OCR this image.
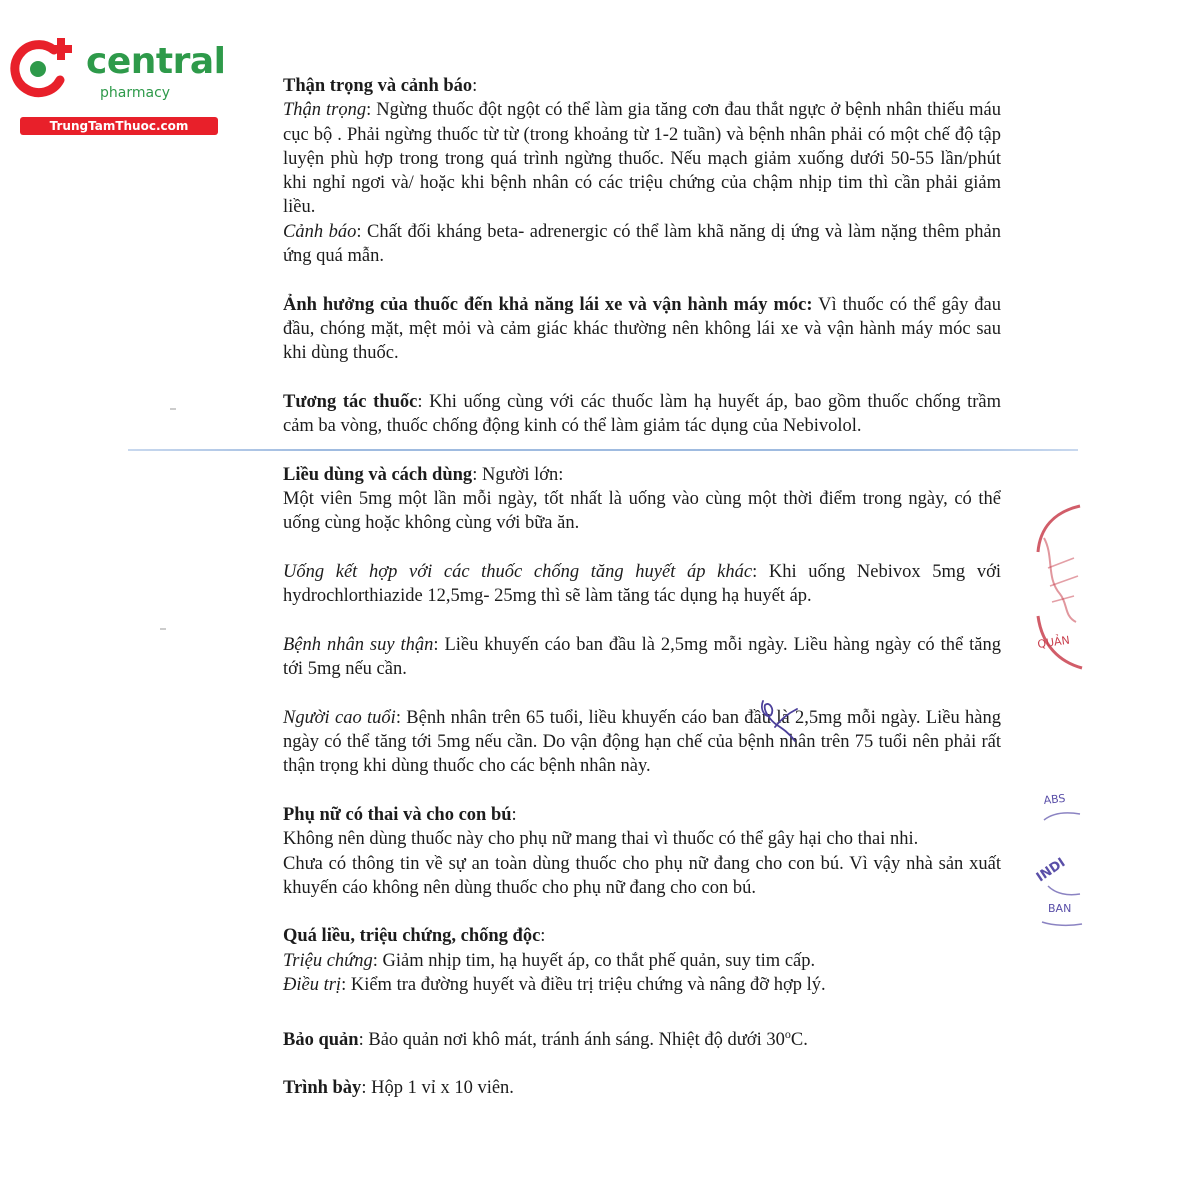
central
pharmacy
TrungTamThuoc.com

Thận trọng và cảnh báo:

Thận trọng: Ngừng thuốc đột ngột có thể làm gia tăng cơn đau thắt ngực ở bệnh nhân thiếu máu cục bộ . Phải ngừng thuốc từ từ (trong khoảng từ 1-2 tuần) và bệnh nhân phải có một chế độ tập luyện phù hợp trong trong quá trình ngừng thuốc. Nếu mạch giảm xuống dưới 50-55 lần/phút khi nghỉ ngơi và/ hoặc khi bệnh nhân có các triệu chứng của chậm nhịp tim thì cần phải giảm liều.

Cảnh báo: Chất đối kháng beta- adrenergic có thể làm khã năng dị ứng và làm nặng thêm phản ứng quá mẫn.

Ảnh hưởng của thuốc đến khả năng lái xe và vận hành máy móc: Vì thuốc có thể gây đau đầu, chóng mặt, mệt mỏi và cảm giác khác thường nên không lái xe và vận hành máy móc sau khi dùng thuốc.

Tương tác thuốc: Khi uống cùng với các thuốc làm hạ huyết áp, bao gồm thuốc chống trầm cảm ba vòng, thuốc chống động kinh có thể làm giảm tác dụng của Nebivolol.

Liều dùng và cách dùng: Người lớn:

Một viên 5mg một lần mỗi ngày, tốt nhất là uống vào cùng một thời điểm trong ngày, có thể uống cùng hoặc không cùng với bữa ăn.

Uống kết hợp với các thuốc chống tăng huyết áp khác: Khi uống Nebivox 5mg với hydrochlorthiazide 12,5mg- 25mg thì sẽ làm tăng tác dụng hạ huyết áp.

Bệnh nhân suy thận: Liều khuyến cáo ban đầu là 2,5mg mỗi ngày. Liều hàng ngày có thể tăng tới 5mg nếu cần.

Người cao tuổi: Bệnh nhân trên 65 tuổi, liều khuyến cáo ban đầu là 2,5mg mỗi ngày. Liều hàng ngày có thể tăng tới 5mg nếu cần. Do vận động hạn chế của bệnh nhân trên 75 tuổi nên phải rất thận trọng khi dùng thuốc cho các bệnh nhân này.

Phụ nữ có thai và cho con bú:

Không nên dùng thuốc này cho phụ nữ mang thai vì thuốc có thể gây hại cho thai nhi.

Chưa có thông tin về sự an toàn dùng thuốc cho phụ nữ đang cho con bú. Vì vậy nhà sản xuất khuyến cáo không nên dùng thuốc cho phụ nữ đang cho con bú.

Quá liều, triệu chứng, chống độc:

Triệu chứng: Giảm nhịp tim, hạ huyết áp, co thắt phế quản, suy tim cấp.

Điều trị: Kiểm tra đường huyết và điều trị triệu chứng và nâng đỡ hợp lý.

Bảo quản: Bảo quản nơi khô mát, tránh ánh sáng. Nhiệt độ dưới 30$^o$C.

Trình bày: Hộp 1 vỉ x 10 viên.

QUẢN
ABS
INDI
BAN
